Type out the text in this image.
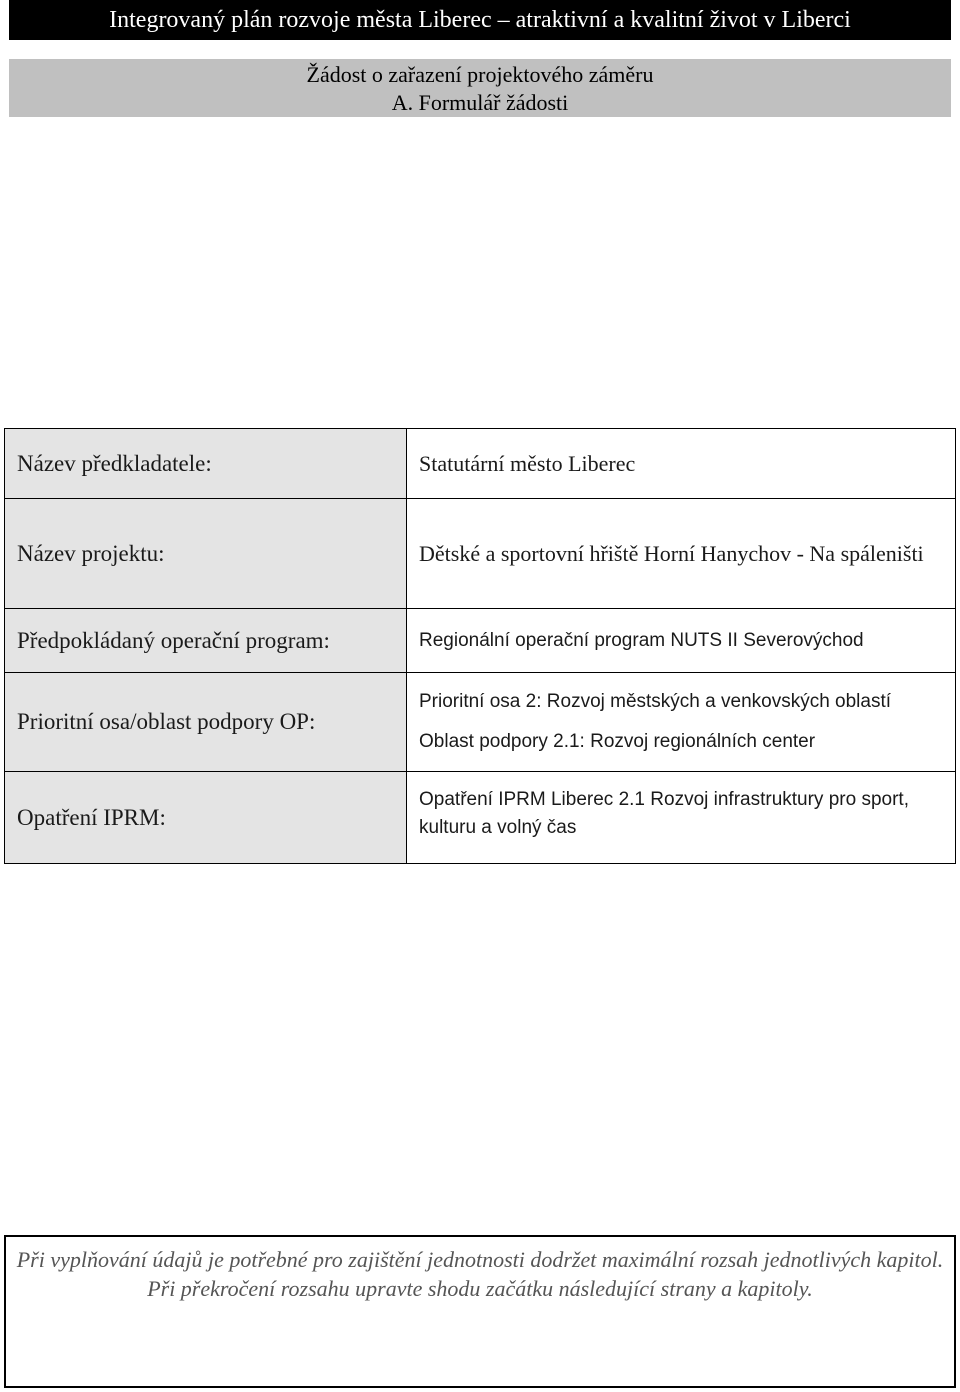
Integrovaný plán rozvoje města Liberec – atraktivní a kvalitní život v Liberci
Žádost o zařazení projektového záměru
A. Formulář žádosti
Název předkladatele:	Statutární město Liberec
Název projektu:	Dětské a sportovní hřiště Horní Hanychov - Na spáleništi
Předpokládaný operační program:	Regionální operační program NUTS II Severovýchod
Prioritní osa/oblast podpory OP:	Prioritní osa 2: Rozvoj městských a venkovských oblastí
Oblast podpory 2.1: Rozvoj regionálních center

Opatření IPRM:	Opatření IPRM Liberec 2.1 Rozvoj infrastruktury pro sport, kulturu a volný čas
Při vyplňování údajů je potřebné pro zajištění jednotnosti dodržet maximální rozsah jednotlivých kapitol. Při překročení rozsahu upravte shodu začátku následující strany a kapitoly.
